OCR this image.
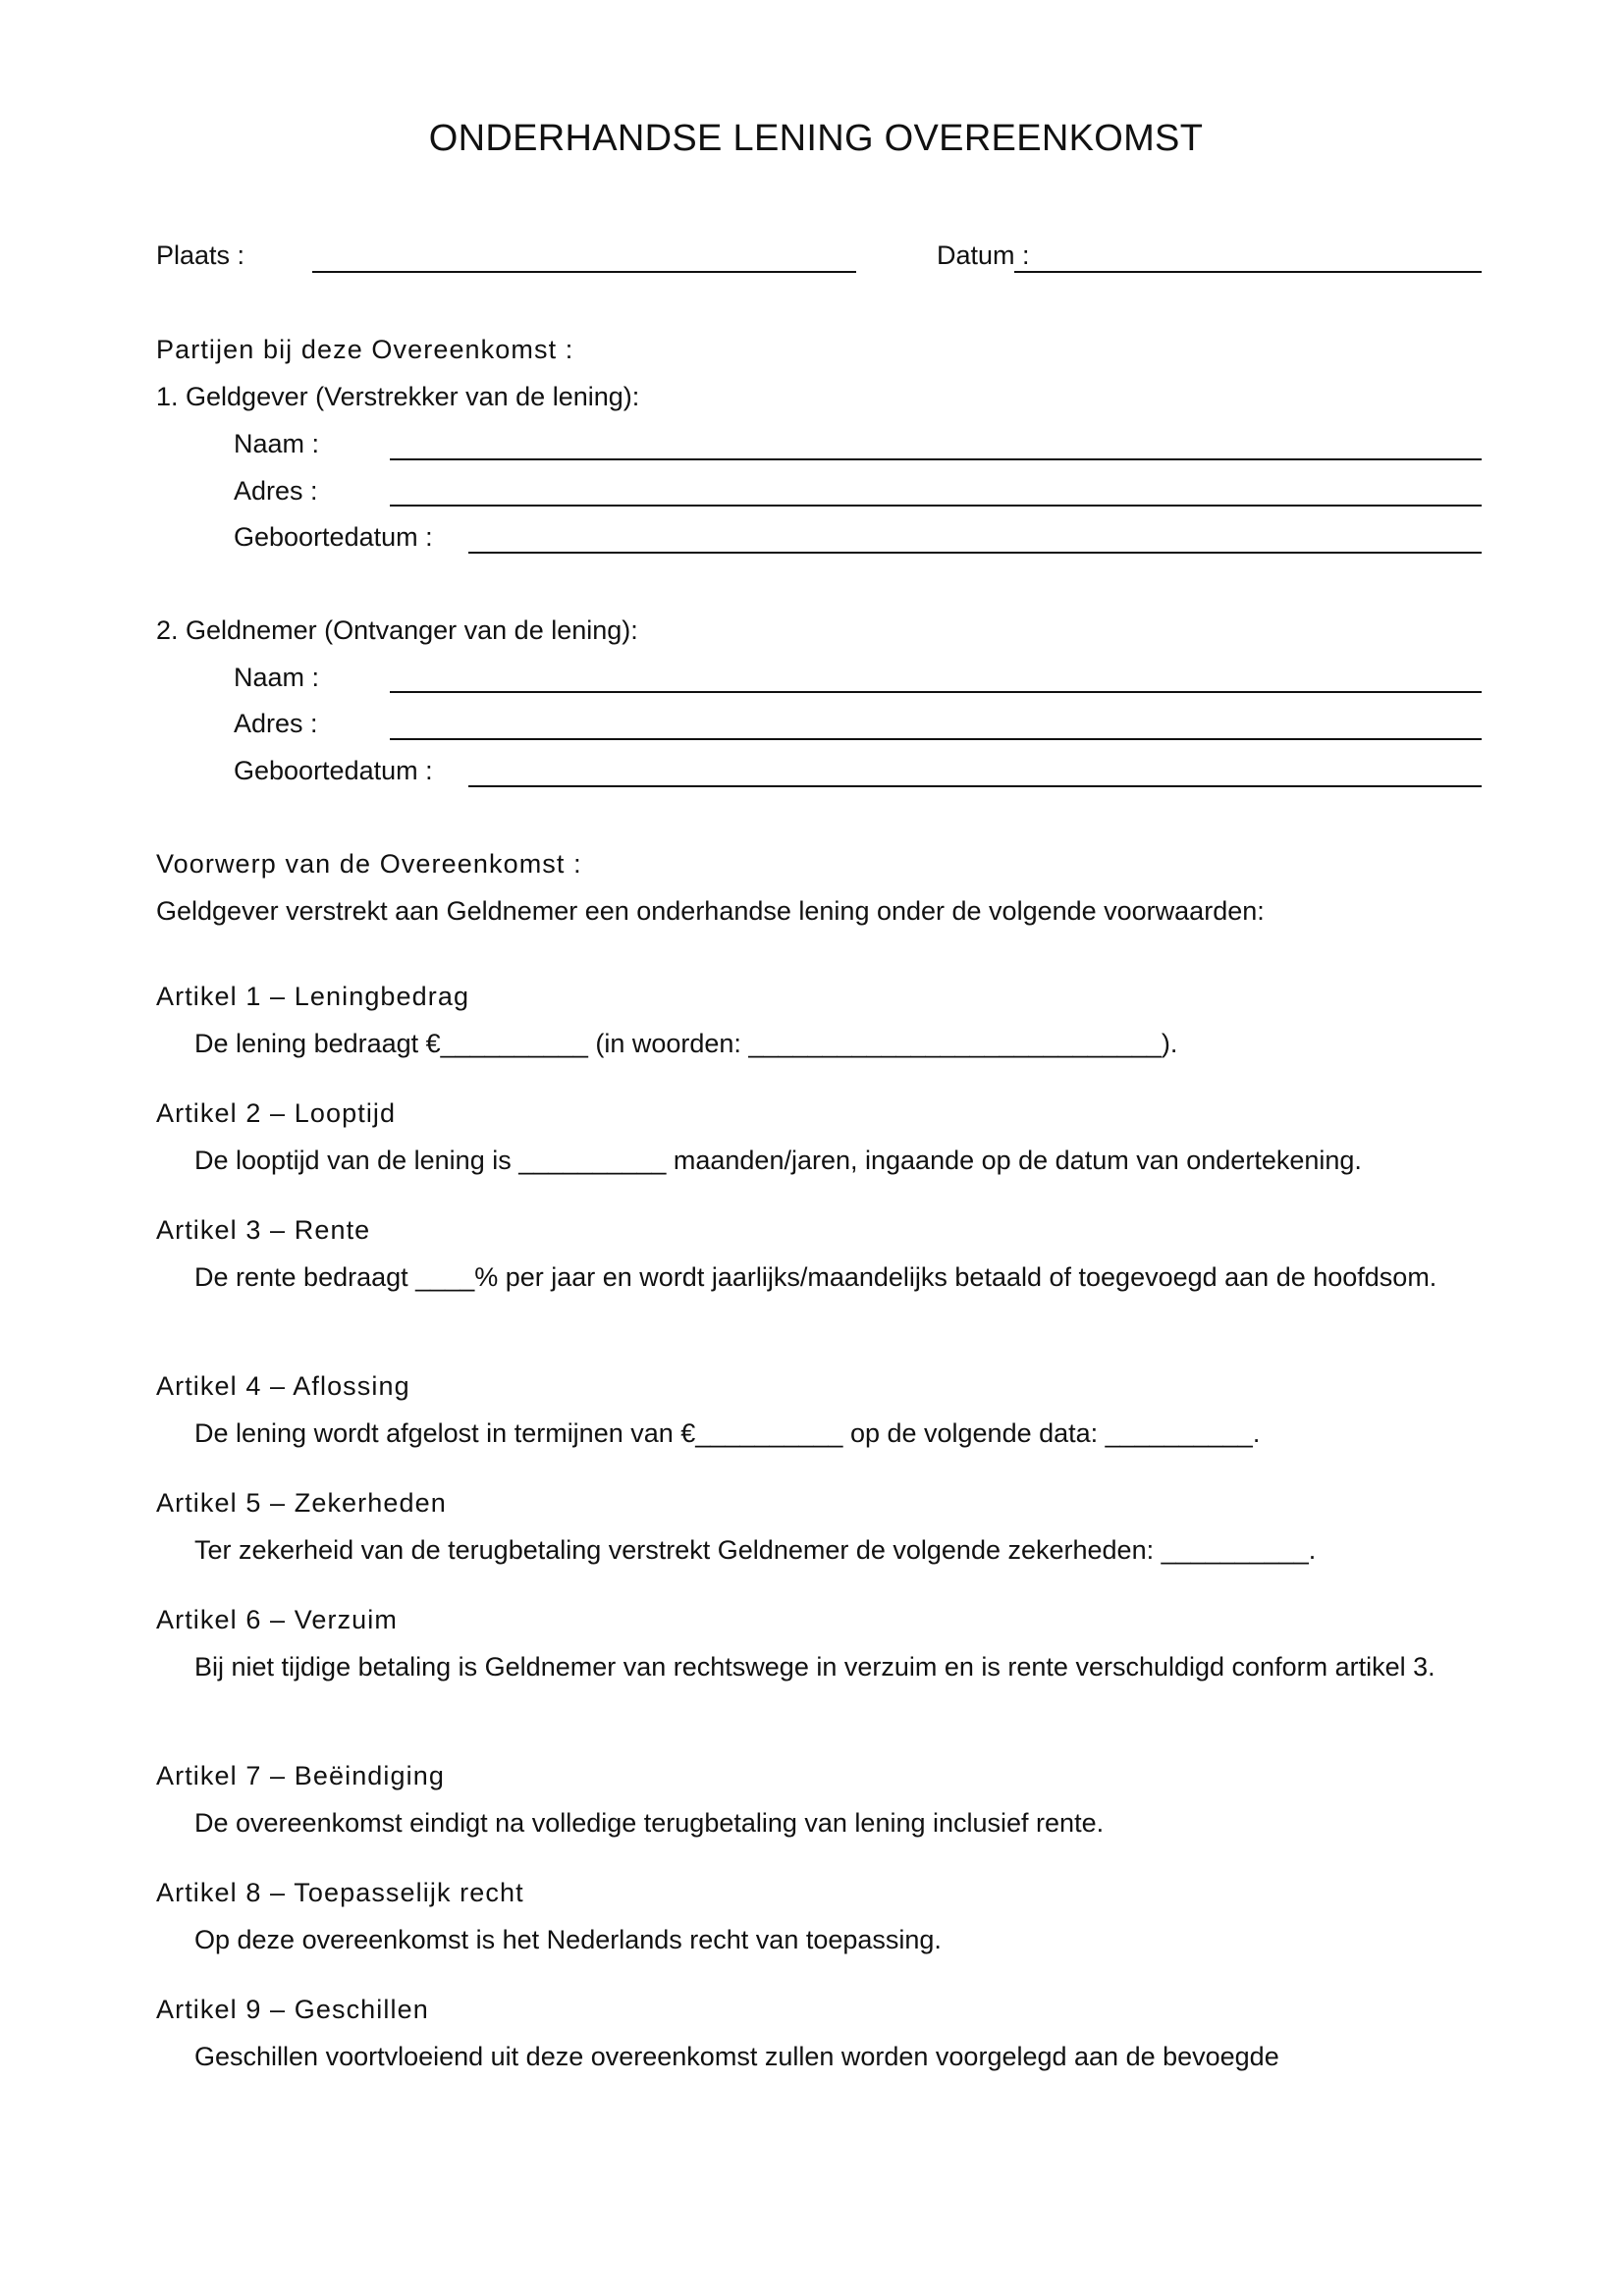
ONDERHANDSE LENING OVEREENKOMST
Plaats :	Datum :
Partijen bij deze Overeenkomst :
1. Geldgever (Verstrekker van de lening):
Naam :
Adres :
Geboortedatum :
2. Geldnemer (Ontvanger van de lening):
Naam :
Adres :
Geboortedatum :
Voorwerp van de Overeenkomst :
Geldgever verstrekt aan Geldnemer een onderhandse lening onder de volgende voorwaarden:
Artikel 1 – Leningbedrag
De lening bedraagt €__________ (in woorden: ____________________________).
Artikel 2 – Looptijd
De looptijd van de lening is __________ maanden/jaren, ingaande op de datum van ondertekening.
Artikel 3 – Rente
De rente bedraagt ____% per jaar en wordt jaarlijks/maandelijks betaald of toegevoegd aan de hoofdsom.
Artikel 4 – Aflossing
De lening wordt afgelost in termijnen van €__________ op de volgende data: __________.
Artikel 5 – Zekerheden
Ter zekerheid van de terugbetaling verstrekt Geldnemer de volgende zekerheden: __________.
Artikel 6 – Verzuim
Bij niet tijdige betaling is Geldnemer van rechtswege in verzuim en is rente verschuldigd conform artikel 3.
Artikel 7 – Beëindiging
De overeenkomst eindigt na volledige terugbetaling van lening inclusief rente.
Artikel 8 – Toepasselijk recht
Op deze overeenkomst is het Nederlands recht van toepassing.
Artikel 9 – Geschillen
Geschillen voortvloeiend uit deze overeenkomst zullen worden voorgelegd aan de bevoegde
